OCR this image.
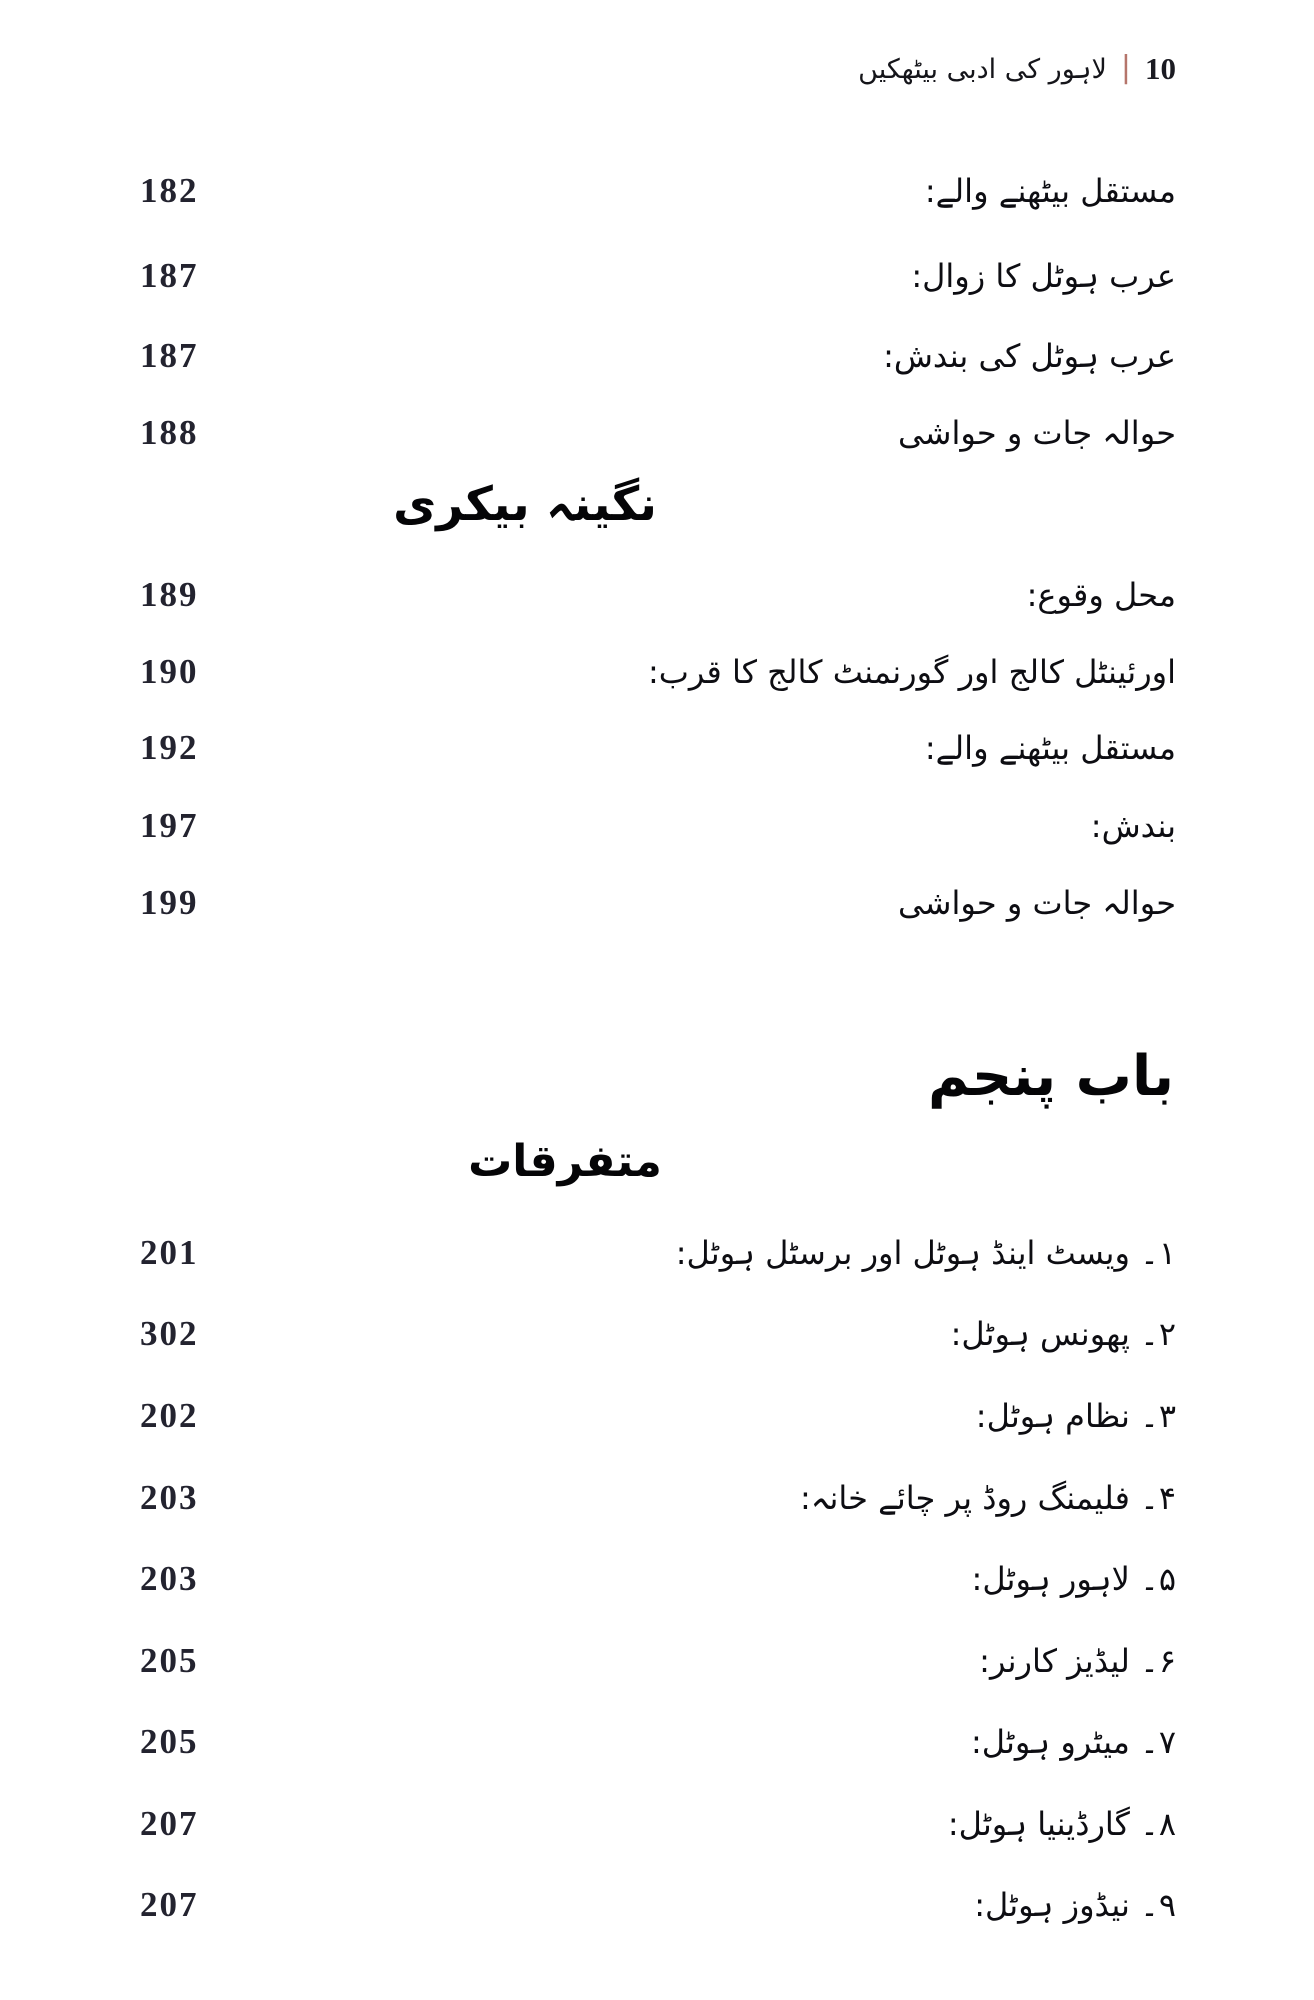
10
|
لاہور کی ادبی بیٹھکیں
182	مستقل بیٹھنے والے:
187	عرب ہوٹل کا زوال:
187	عرب ہوٹل کی بندش:
188	حوالہ جات و حواشی
نگینہ بیکری
189	محل وقوع:
190	اورئینٹل کالج اور گورنمنٹ کالج کا قرب:
192	مستقل بیٹھنے والے:
197	بندش:
199	حوالہ جات و حواشی
باب پنجم
متفرقات
201	۱۔ ویسٹ اینڈ ہوٹل اور برسٹل ہوٹل:
302	۲۔ پھونس ہوٹل:
202	۳۔ نظام ہوٹل:
203	۴۔ فلیمنگ روڈ پر چائے خانہ:
203	۵۔ لاہور ہوٹل:
205	۶۔ لیڈیز کارنر:
205	۷۔ میٹرو ہوٹل:
207	۸۔ گارڈینیا ہوٹل:
207	۹۔ نیڈوز ہوٹل:
